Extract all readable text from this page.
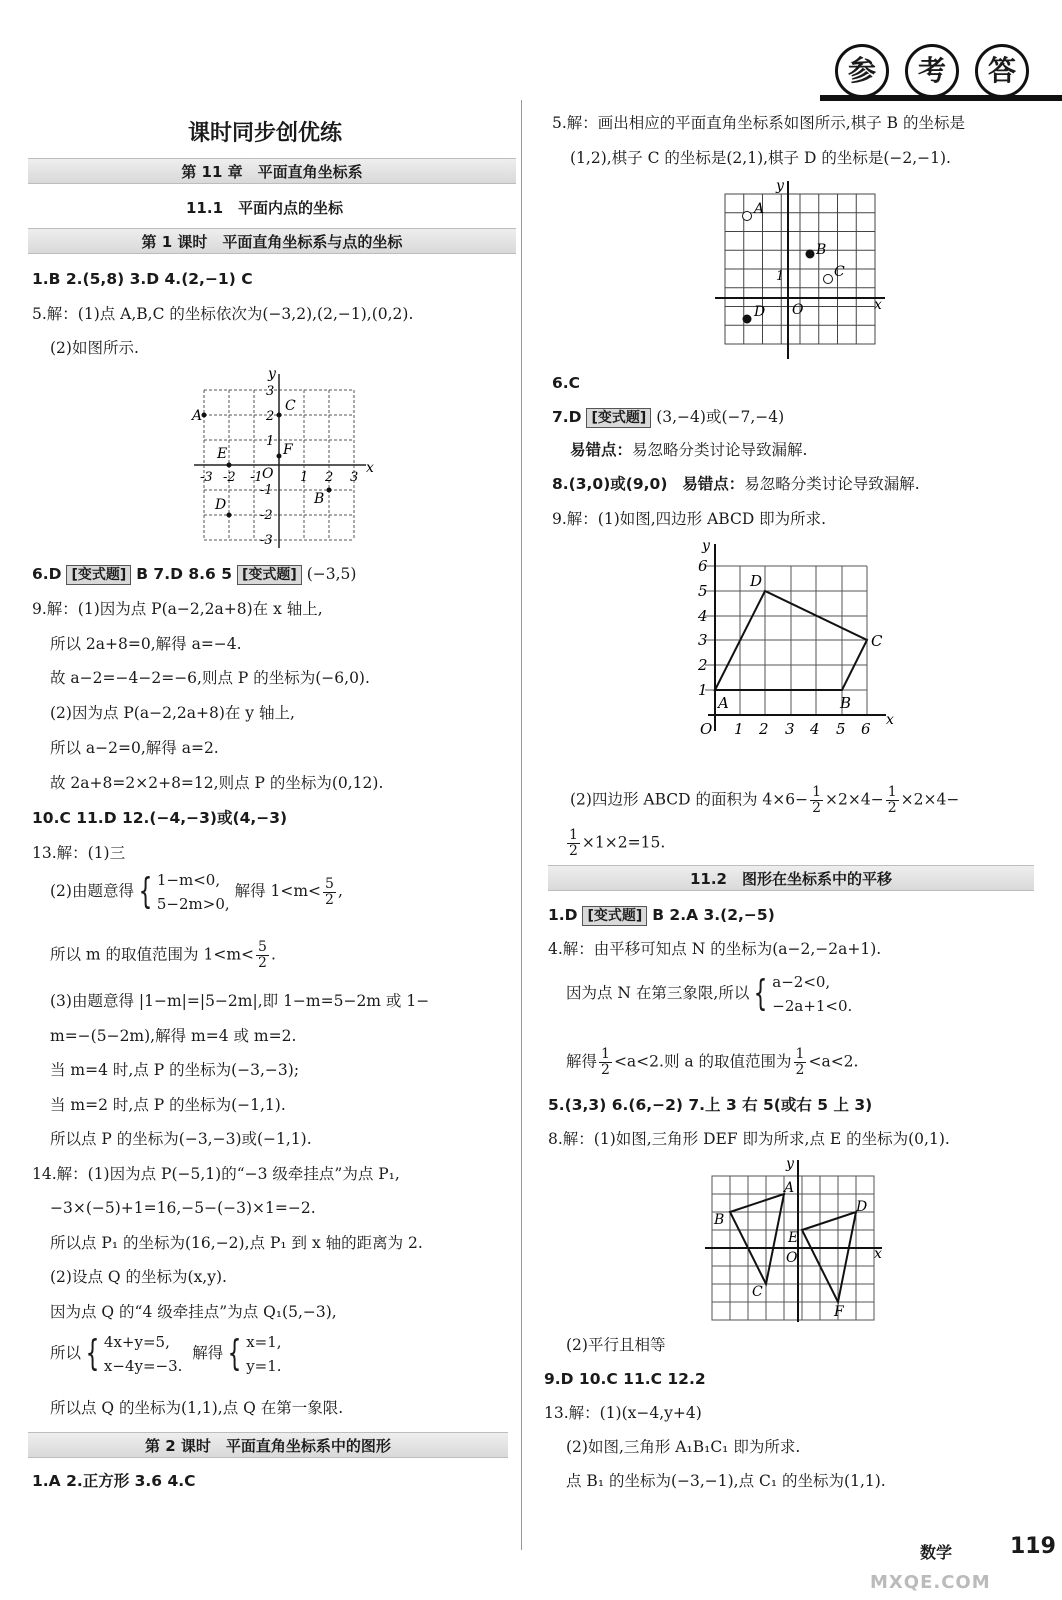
参	考	答
课时同步创优练
第 11 章　平面直角坐标系
11.1　平面内点的坐标
第 1 课时　平面直角坐标系与点的坐标
1.B 2.(5,8) 3.D 4.(2,−1) C
5.解：(1)点 A,B,C 的坐标依次为(−3,2),(2,−1),(0,2).
(2)如图所示.
x
y
O
-3 -2 -1	1 2 3
3
2
1
-1
-2
-3
A
C
F
E
B
D
6.D [变式题] B 7.D 8.6 5 [变式题] (−3,5)
9.解：(1)因为点 P(a−2,2a+8)在 x 轴上,
所以 2a+8=0,解得 a=−4.
故 a−2=−4−2=−6,则点 P 的坐标为(−6,0).
(2)因为点 P(a−2,2a+8)在 y 轴上,
所以 a−2=0,解得 a=2.
故 2a+8=2×2+8=12,则点 P 的坐标为(0,12).
10.C 11.D 12.(−4,−3)或(4,−3)
13.解：(1)三
(2)由题意得 { 1−m<0,
5−2m>0, 解得 $1<m< \frac{5}{2}$ ,
所以 m 的取值范围为 $1<m< \frac{5}{2}$ .
(3)由题意得 |1−m|=|5−2m|,即 1−m=5−2m 或 1−
m=−(5−2m),解得 m=4 或 m=2.
当 m=4 时,点 P 的坐标为(−3,−3);
当 m=2 时,点 P 的坐标为(−1,1).
所以点 P 的坐标为(−3,−3)或(−1,1).
14.解：(1)因为点 P(−5,1)的“−3 级牵挂点”为点 P₁,
−3×(−5)+1=16,−5−(−3)×1=−2.
所以点 P₁ 的坐标为(16,−2),点 P₁ 到 x 轴的距离为 2.
(2)设点 Q 的坐标为(x,y).
因为点 Q 的“4 级牵挂点”为点 Q₁(5,−3),
所以 { 4x+y=5,
x−4y=−3.  解得 { x=1,
y=1.
所以点 Q 的坐标为(1,1),点 Q 在第一象限.
第 2 课时　平面直角坐标系中的图形
1.A 2.正方形 3.6 4.C
5.解：画出相应的平面直角坐标系如图所示,棋子 B 的坐标是
(1,2),棋子 C 的坐标是(2,1),棋子 D 的坐标是(−2,−1).
x
y
O
1
A
B
C
D
6.C
7.D [变式题] (3,−4)或(−7,−4)
易错点：易忽略分类讨论导致漏解.
8.(3,0)或(9,0) 易错点：易忽略分类讨论导致漏解.
9.解：(1)如图,四边形 ABCD 即为所求.
x
y
O 1 2 3 4 5 6
1
2
3
4
5
6
A	B
C
D
(2)四边形 ABCD 的面积为 $4\times 6- \frac{1}{2} \times 2\times 4- \frac{1}{2} \times 2\times 4-$
$\frac{1}{2} \times 1\times 2=15$.
11.2　图形在坐标系中的平移
1.D [变式题] B 2.A 3.(2,−5)
4.解：由平移可知点 N 的坐标为(a−2,−2a+1).
因为点 N 在第三象限,所以 { a−2<0,
−2a+1<0.
解得 $\frac{1}{2} <a<2$.则 a 的取值范围为 $\frac{1}{2} <a<2$.
5.(3,3) 6.(6,−2) 7.上 3 右 5(或右 5 上 3)
8.解：(1)如图,三角形 DEF 即为所求,点 E 的坐标为(0,1).
x
y
O
A
B
C
D
E
F
(2)平行且相等
9.D 10.C 11.C 12.2
13.解：(1)(x−4,y+4)
(2)如图,三角形 A₁B₁C₁ 即为所求.
点 B₁ 的坐标为(−3,−1),点 C₁ 的坐标为(1,1).
数学	119
MXQE.COM
